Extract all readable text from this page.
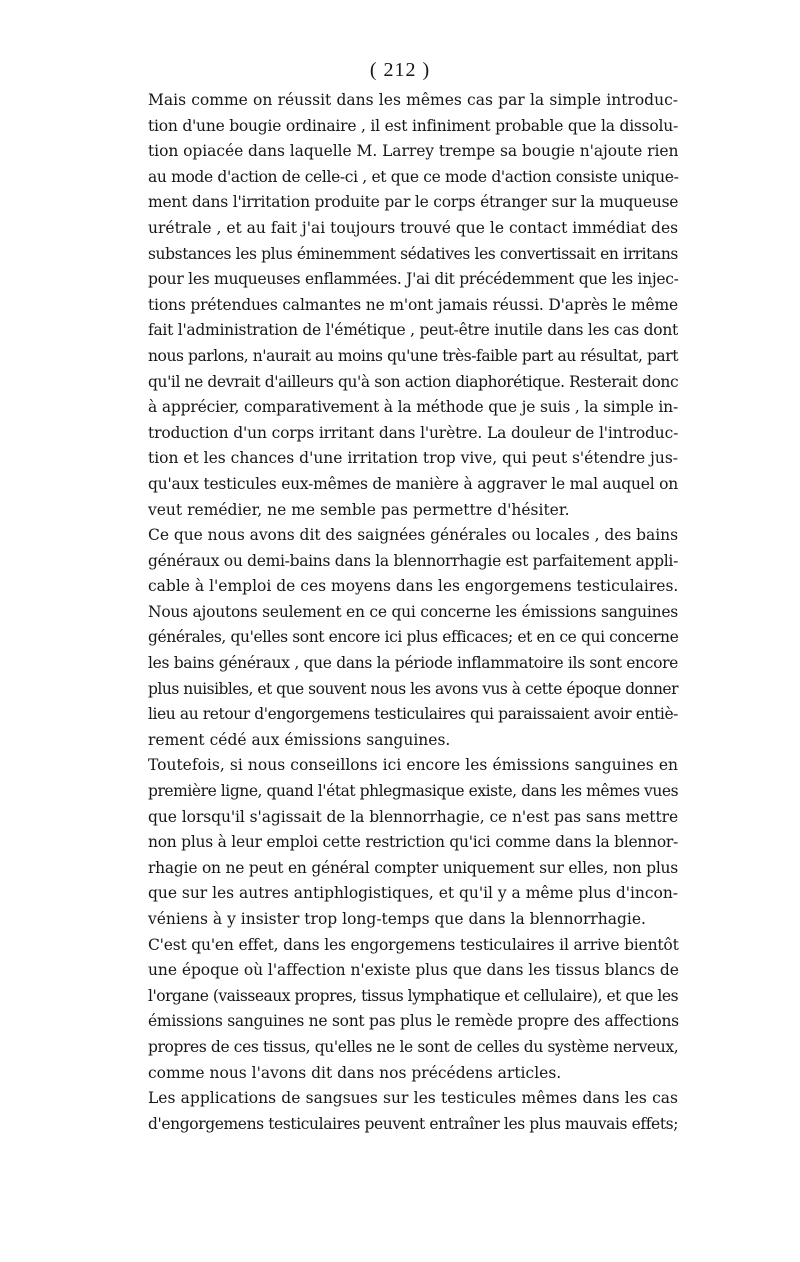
( 212 )
Mais comme on réussit dans les mêmes cas par la simple introduc-
tion d'une bougie ordinaire , il est infiniment probable que la dissolu-
tion opiacée dans laquelle M. Larrey trempe sa bougie n'ajoute rien
au mode d'action de celle-ci , et que ce mode d'action consiste unique-
ment dans l'irritation produite par le corps étranger sur la muqueuse
urétrale , et au fait j'ai toujours trouvé que le contact immédiat des
substances les plus éminemment sédatives les convertissait en irritans
pour les muqueuses enflammées. J'ai dit précédemment que les injec-
tions prétendues calmantes ne m'ont jamais réussi. D'après le même
fait l'administration de l'émétique , peut-être inutile dans les cas dont
nous parlons, n'aurait au moins qu'une très-faible part au résultat, part
qu'il ne devrait d'ailleurs qu'à son action diaphorétique. Resterait donc
à apprécier, comparativement à la méthode que je suis , la simple in-
troduction d'un corps irritant dans l'urètre. La douleur de l'introduc-
tion et les chances d'une irritation trop vive, qui peut s'étendre jus-
qu'aux testicules eux-mêmes de manière à aggraver le mal auquel on
veut remédier, ne me semble pas permettre d'hésiter.
Ce que nous avons dit des saignées générales ou locales , des bains
généraux ou demi-bains dans la blennorrhagie est parfaitement appli-
cable à l'emploi de ces moyens dans les engorgemens testiculaires.
Nous ajoutons seulement en ce qui concerne les émissions sanguines
générales, qu'elles sont encore ici plus efficaces; et en ce qui concerne
les bains généraux , que dans la période inflammatoire ils sont encore
plus nuisibles, et que souvent nous les avons vus à cette époque donner
lieu au retour d'engorgemens testiculaires qui paraissaient avoir entiè-
rement cédé aux émissions sanguines.
Toutefois, si nous conseillons ici encore les émissions sanguines en
première ligne, quand l'état phlegmasique existe, dans les mêmes vues
que lorsqu'il s'agissait de la blennorrhagie, ce n'est pas sans mettre
non plus à leur emploi cette restriction qu'ici comme dans la blennor-
rhagie on ne peut en général compter uniquement sur elles, non plus
que sur les autres antiphlogistiques, et qu'il y a même plus d'incon-
véniens à y insister trop long-temps que dans la blennorrhagie.
C'est qu'en effet, dans les engorgemens testiculaires il arrive bientôt
une époque où l'affection n'existe plus que dans les tissus blancs de
l'organe (vaisseaux propres, tissus lymphatique et cellulaire), et que les
émissions sanguines ne sont pas plus le remède propre des affections
propres de ces tissus, qu'elles ne le sont de celles du système nerveux,
comme nous l'avons dit dans nos précédens articles.
Les applications de sangsues sur les testicules mêmes dans les cas
d'engorgemens testiculaires peuvent entraîner les plus mauvais effets;
